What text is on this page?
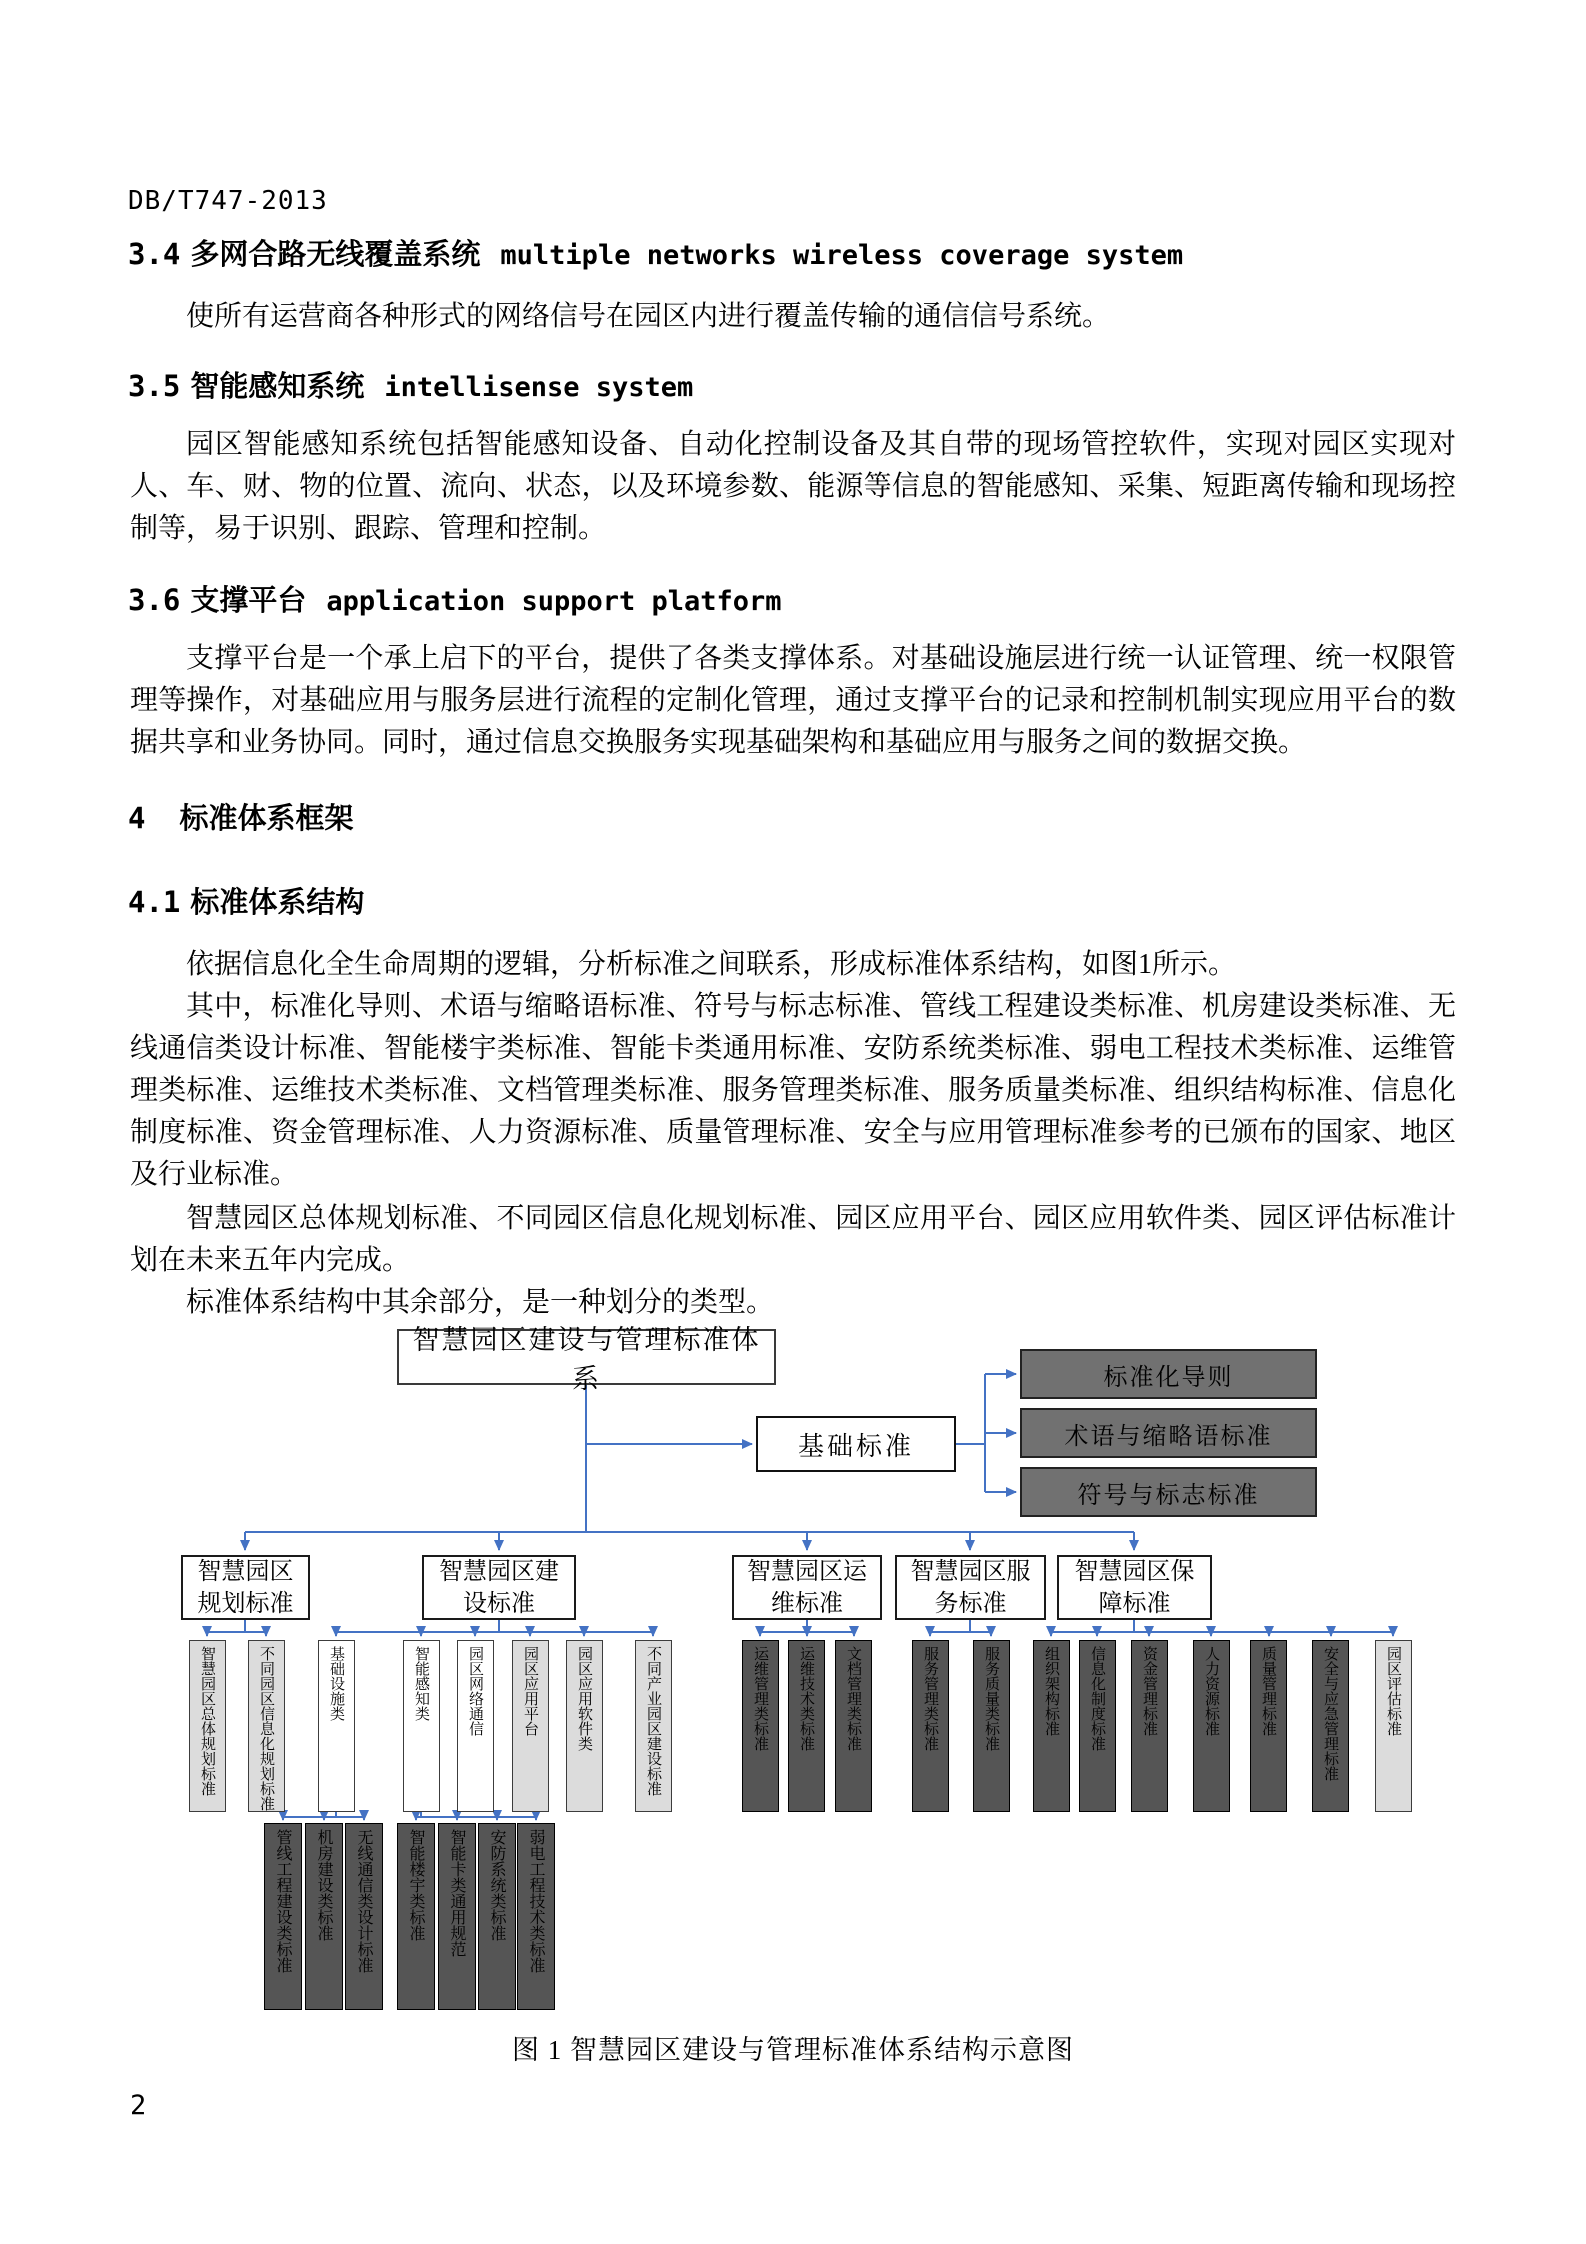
DB/T747-2013
3.4 多网合路无线覆盖系统 multiple networks wireless coverage system

使所有运营商各种形式的网络信号在园区内进行覆盖传输的通信信号系统。

3.5 智能感知系统 intellisense system

园区智能感知系统包括智能感知设备、自动化控制设备及其自带的现场管控软件，实现对园区实现对人、车、财、物的位置、流向、状态，以及环境参数、能源等信息的智能感知、采集、短距离传输和现场控制等，易于识别、跟踪、管理和控制。

3.6 支撑平台 application support platform

支撑平台是一个承上启下的平台，提供了各类支撑体系。对基础设施层进行统一认证管理、统一权限管理等操作，对基础应用与服务层进行流程的定制化管理，通过支撑平台的记录和控制机制实现应用平台的数据共享和业务协同。同时，通过信息交换服务实现基础架构和基础应用与服务之间的数据交换。

4 标准体系框架
4.1 标准体系结构

依据信息化全生命周期的逻辑，分析标准之间联系，形成标准体系结构，如图1所示。

其中，标准化导则、术语与缩略语标准、符号与标志标准、管线工程建设类标准、机房建设类标准、无线通信类设计标准、智能楼宇类标准、智能卡类通用标准、安防系统类标准、弱电工程技术类标准、运维管理类标准、运维技术类标准、文档管理类标准、服务管理类标准、服务质量类标准、组织结构标准、信息化制度标准、资金管理标准、人力资源标准、质量管理标准、安全与应用管理标准参考的已颁布的国家、地区及行业标准。

智慧园区总体规划标准、不同园区信息化规划标准、园区应用平台、园区应用软件类、园区评估标准计划在未来五年内完成。

标准体系结构中其余部分，是一种划分的类型。

智慧园区建设与管理标准体系
基础标准
标准化导则
术语与缩略语标准
符号与标志标准
智慧园区规划标准
智慧园区建设标准
智慧园区运维标准
智慧园区服务标准
智慧园区保障标准
智慧园区总体规划标准	不同园区信息化规划标准	基础设施类	智能感知类	园区网络通信	园区应用平台	园区应用软件类	不同产业园区建设标准	运维管理类标准	运维技术类标准	文档管理类标准	服务管理类标准	服务质量类标准	组织架构标准	信息化制度标准	资金管理标准	人力资源标准	质量管理标准	安全与应急管理标准	园区评估标准
管线工程建设类标准	机房建设类标准	无线通信类设计标准	智能楼宇类标准	智能卡类通用规范	安防系统类标准	弱电工程技术类标准
图 1 智慧园区建设与管理标准体系结构示意图
2
